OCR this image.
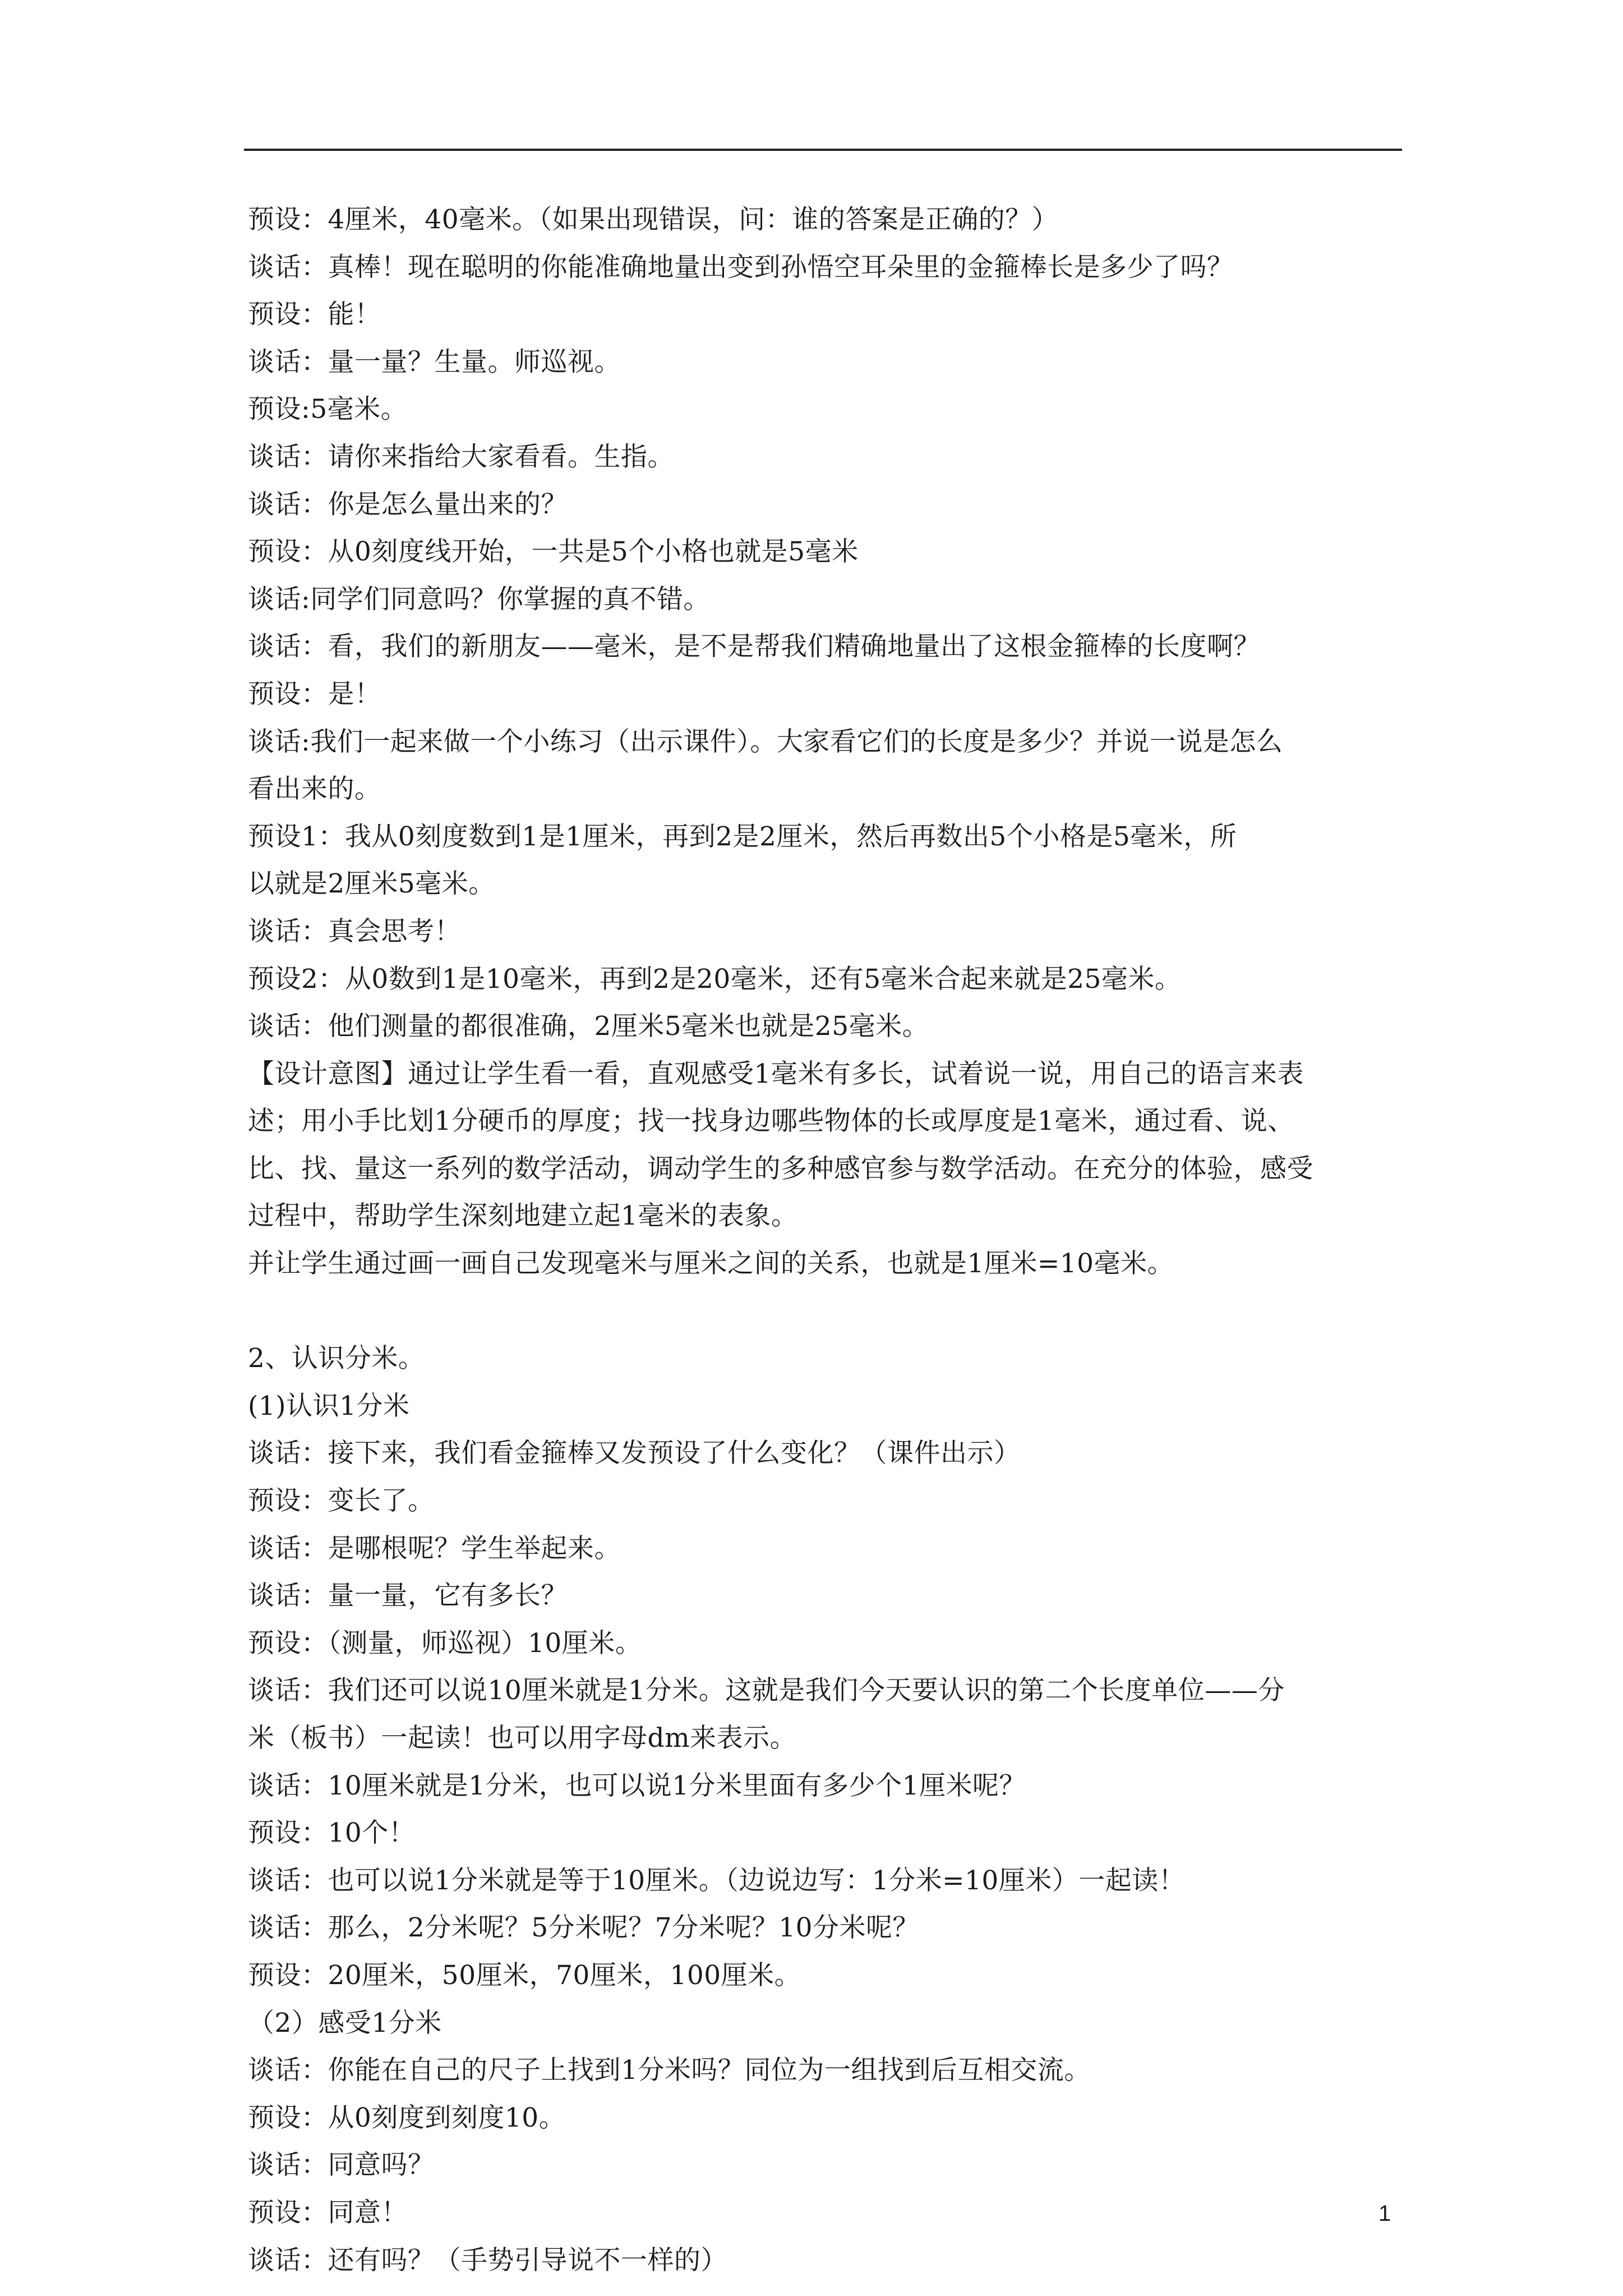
预设：4厘米，40毫米。（如果出现错误，问：谁的答案是正确的？）
谈话：真棒！现在聪明的你能准确地量出变到孙悟空耳朵里的金箍棒长是多少了吗？
预设：能！
谈话：量一量？生量。师巡视。
预设:5毫米。
谈话：请你来指给大家看看。生指。
谈话：你是怎么量出来的？
预设：从0刻度线开始，一共是5个小格也就是5毫米
谈话:同学们同意吗？你掌握的真不错。
谈话：看，我们的新朋友——毫米，是不是帮我们精确地量出了这根金箍棒的长度啊？
预设：是！
谈话:我们一起来做一个小练习（出示课件）。大家看它们的长度是多少？并说一说是怎么
看出来的。
预设1：我从0刻度数到1是1厘米，再到2是2厘米，然后再数出5个小格是5毫米，所
以就是2厘米5毫米。
谈话：真会思考！
预设2：从0数到1是10毫米，再到2是20毫米，还有5毫米合起来就是25毫米。
谈话：他们测量的都很准确，2厘米5毫米也就是25毫米。
【设计意图】通过让学生看一看，直观感受1毫米有多长，试着说一说，用自己的语言来表
述；用小手比划1分硬币的厚度；找一找身边哪些物体的长或厚度是1毫米，通过看、说、
比、找、量这一系列的数学活动，调动学生的多种感官参与数学活动。在充分的体验，感受
过程中，帮助学生深刻地建立起1毫米的表象。
并让学生通过画一画自己发现毫米与厘米之间的关系，也就是1厘米=10毫米。
2、认识分米。
(1)认识1分米
谈话：接下来，我们看金箍棒又发预设了什么变化？（课件出示）
预设：变长了。
谈话：是哪根呢？学生举起来。
谈话：量一量，它有多长？
预设：（测量，师巡视）10厘米。
谈话：我们还可以说10厘米就是1分米。这就是我们今天要认识的第二个长度单位——分
米（板书）一起读！也可以用字母dm来表示。
谈话：10厘米就是1分米，也可以说1分米里面有多少个1厘米呢？
预设：10个！
谈话：也可以说1分米就是等于10厘米。（边说边写：1分米=10厘米）一起读！
谈话：那么，2分米呢？5分米呢？7分米呢？10分米呢？
预设：20厘米，50厘米，70厘米，100厘米。
（2）感受1分米
谈话：你能在自己的尺子上找到1分米吗？同位为一组找到后互相交流。
预设：从0刻度到刻度10。
谈话：同意吗？
预设：同意！
谈话：还有吗？（手势引导说不一样的）
1
